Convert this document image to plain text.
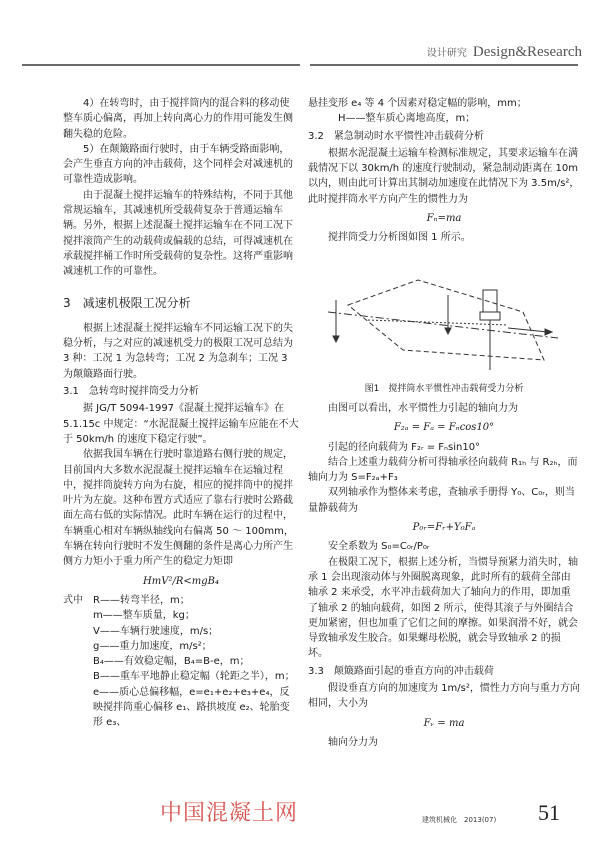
设计研究 Design&Research

4）在转弯时，由于搅拌筒内的混合料的移动使整车质心偏离，再加上转向离心力的作用可能发生侧翻失稳的危险。

5）在颠簸路面行驶时，由于车辆受路面影响，会产生垂直方向的冲击载荷，这个同样会对减速机的可靠性造成影响。

由于混凝土搅拌运输车的特殊结构，不同于其他常规运输车，其减速机所受载荷复杂于普通运输车辆。另外，根据上述混凝土搅拌运输车在不同工况下搅拌滚筒产生的动载荷或偏载的总结，可得减速机在承载搅拌桶工作时所受载荷的复杂性。这将严重影响减速机工作的可靠性。

3　减速机极限工况分析

根据上述混凝土搅拌运输车不同运输工况下的失稳分析，与之对应的减速机受力的极限工况可总结为 3 种：工况 1 为急转弯；工况 2 为急刹车；工况 3 为颠簸路面行驶。

3.1　急转弯时搅拌筒受力分析

据 JG/T 5094-1997《混凝土搅拌运输车》在 5.1.15c 中规定：“水泥混凝土搅拌运输车应能在不大于 50km/h 的速度下稳定行驶”。

依据我国车辆在行驶时靠道路右侧行驶的规定，目前国内大多数水泥混凝土搅拌运输车在运输过程中，搅拌筒旋转方向为右旋，相应的搅拌筒中的搅拌叶片为左旋。这种布置方式适应了靠右行驶时公路截面左高右低的实际情况。此时车辆在运行的过程中，车辆重心相对车辆纵轴线向右偏离 50 ～ 100mm，车辆在转向行驶时不发生侧翻的条件是离心力所产生侧方力矩小于重力所产生的稳定力矩即

HmV²/R<mgB₄

式中　R——转弯半径，m；

m——整车质量，kg；

V——车辆行驶速度，m/s；

g——重力加速度，m/s²；

B₄——有效稳定幅，B₄=B-e，m；

B——重车平地静止稳定幅（轮距之半），m；

e——质心总偏移幅，e=e₁+e₂+e₃+e₄，反映搅拌筒重心偏移 e₁、路拱坡度 e₂、轮胎变形 e₃、

悬挂变形 e₄ 等 4 个因素对稳定幅的影响，mm；

H——整车质心离地高度，m；

3.2　紧急制动时水平惯性冲击载荷分析

根据水泥混凝土运输车检测标准规定，其要求运输车在满载情况下以 30km/h 的速度行驶制动，紧急制动距离在 10m 以内，则由此可计算出其制动加速度在此情况下为 3.5m/s²，此时搅拌筒水平方向产生的惯性力为

Fₙ=ma

搅拌筒受力分析图如图 1 所示。

图1　搅拌筒水平惯性冲击载荷受力分析

由图可以看出，水平惯性力引起的轴向力为

F₂ₐ = Fₐ = Fₙcos10°

引起的径向载荷为 F₂ᵣ = Fₙsin10°

结合上述重力载荷分析可得轴承径向载荷 R₁ₕ 与 R₂ₕ，而轴向力为 S=F₂ₐ+F₃

双列轴承作为整体来考虑，查轴承手册得 Y₀、C₀ᵣ，则当量静载荷为

P₀ᵣ=Fᵣ+Y₀Fₐ

安全系数为 S₀=C₀ᵣ/P₀ᵣ

在极限工况下，根据上述分析，当惯导预紧力消失时，轴承 1 会出现滚动体与外圈脱离现象，此时所有的载荷全部由轴承 2 来承受，水平冲击载荷加大了轴向力的作用，即加重了轴承 2 的轴向载荷，如图 2 所示，使得其滚子与外圈结合更加紧密，但也加重了它们之间的摩擦。如果润滑不好，就会导致轴承发生胶合。如果螺母松脱，就会导致轴承 2 的损坏。

3.3　颠簸路面引起的垂直方向的冲击载荷

假设垂直方向的加速度为 1m/s²，惯性力方向与重力方向相同，大小为

Fᵥ = ma

轴向分力为

中国混凝土网	建筑机械化　2013(07) 51
